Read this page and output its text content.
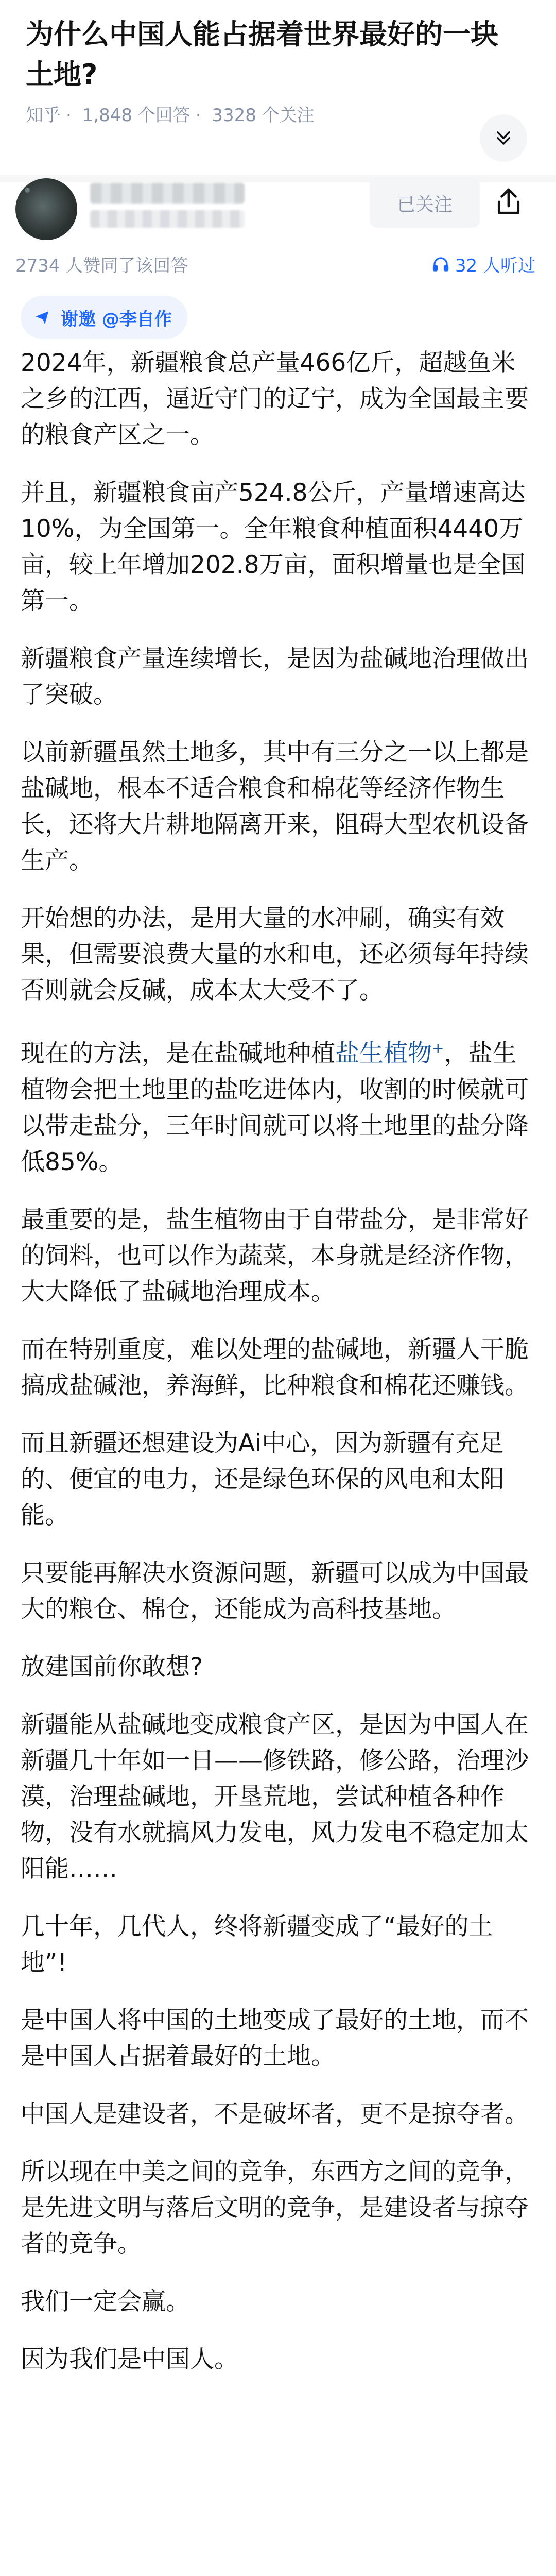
为什么中国人能占据着世界最好的一块土地?
知乎 · 1,848 个回答 · 3328 个关注
已关注
2734 人赞同了该回答	32 人听过
谢邀 @李自作

2024年，新疆粮食总产量466亿斤，超越鱼米之乡的江西，逼近守门的辽宁，成为全国最主要的粮食产区之一。

并且，新疆粮食亩产524.8公斤，产量增速高达10%，为全国第一。全年粮食种植面积4440万亩，较上年增加202.8万亩，面积增量也是全国第一。

新疆粮食产量连续增长，是因为盐碱地治理做出了突破。

以前新疆虽然土地多，其中有三分之一以上都是盐碱地，根本不适合粮食和棉花等经济作物生长，还将大片耕地隔离开来，阻碍大型农机设备生产。

开始想的办法，是用大量的水冲刷，确实有效果，但需要浪费大量的水和电，还必须每年持续否则就会反碱，成本太大受不了。

现在的方法，是在盐碱地种植盐生植物+，盐生植物会把土地里的盐吃进体内，收割的时候就可以带走盐分，三年时间就可以将土地里的盐分降低85%。

最重要的是，盐生植物由于自带盐分，是非常好的饲料，也可以作为蔬菜，本身就是经济作物，大大降低了盐碱地治理成本。

而在特别重度，难以处理的盐碱地，新疆人干脆搞成盐碱池，养海鲜，比种粮食和棉花还赚钱。

而且新疆还想建设为Ai中心，因为新疆有充足的、便宜的电力，还是绿色环保的风电和太阳能。

只要能再解决水资源问题，新疆可以成为中国最大的粮仓、棉仓，还能成为高科技基地。

放建国前你敢想?

新疆能从盐碱地变成粮食产区，是因为中国人在新疆几十年如一日——修铁路，修公路，治理沙漠，治理盐碱地，开垦荒地，尝试种植各种作物，没有水就搞风力发电，风力发电不稳定加太阳能……

几十年，几代人，终将新疆变成了“最好的土地”!

是中国人将中国的土地变成了最好的土地，而不是中国人占据着最好的土地。

中国人是建设者，不是破坏者，更不是掠夺者。

所以现在中美之间的竞争，东西方之间的竞争，是先进文明与落后文明的竞争，是建设者与掠夺者的竞争。

我们一定会赢。

因为我们是中国人。
